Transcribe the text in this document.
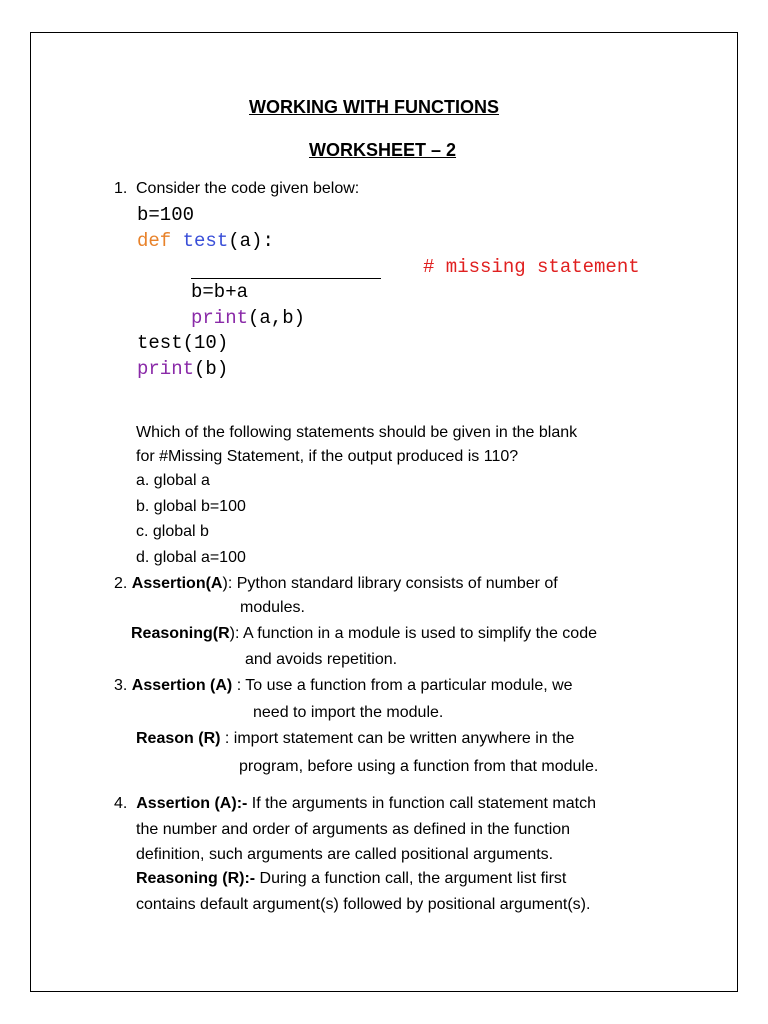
WORKING WITH FUNCTIONS
WORKSHEET – 2
1. Consider the code given below:
b=100
def test(a):
# missing statement
b=b+a
print(a,b)
test(10)
print(b)
Which of the following statements should be given in the blank
for #Missing Statement, if the output produced is 110?
a. global a
b. global b=100
c. global b
d. global a=100
2. Assertion(A): Python standard library consists of number of
modules.
Reasoning(R): A function in a module is used to simplify the code
and avoids repetition.
3. Assertion (A) : To use a function from a particular module, we
need to import the module.
Reason (R) : import statement can be written anywhere in the
program, before using a function from that module.
4. Assertion (A):- If the arguments in function call statement match
the number and order of arguments as defined in the function
definition, such arguments are called positional arguments.
Reasoning (R):- During a function call, the argument list first
contains default argument(s) followed by positional argument(s).
